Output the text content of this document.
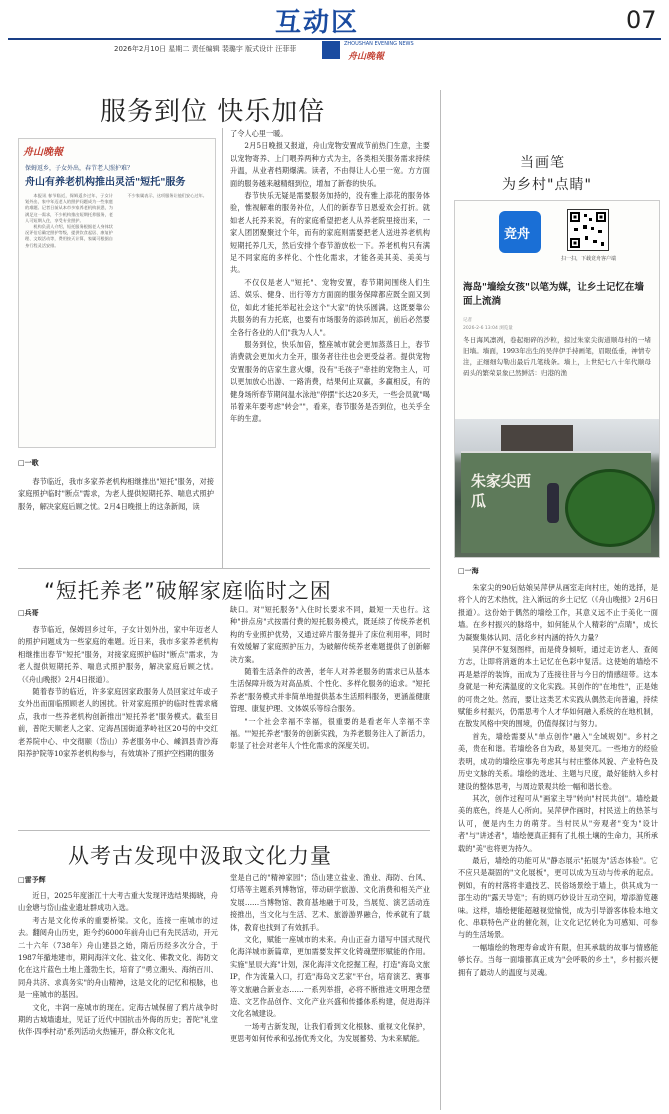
互动区	07
2026年2月10日 星期二 责任编辑 裴璐宇 版式设计 汪菲菲
ZHOUSHAN EVENING NEWS
舟山晚報
服务到位 快乐加倍
舟山晚報
保姆返乡，子女外出，春节老人照护难？
舟山有养老机构推出灵活"短托"服务

本报讯 春节临近，保姆返乡过年，子女计划外出，家中年迈老人的照护问题成为一些家庭的难题。记者日前从本市多家养老机构获悉，为满足这一需求，不少机构推出短期托养服务，老人可短期入住，享受专业照护。

机构负责人介绍，短托服务根据老人身体状况评估后确定照护等级，提供饮食起居、康复护理、文娱活动等，费用按天计算，家属可根据自身行程灵活安排。

不少家属表示，这项服务让他们安心过年。

□一歌

春节临近，我市多家养老机构相继推出"短托"服务，对接家庭照护临时"断点"需求，为老人提供短期托养、喘息式照护服务，解决家庭后顾之忧。2月4日晚报上的这条新闻，读

了令人心里一暖。

2月5日晚报又报道，舟山宠物安置成节前热门生意，主要以宠物寄养、上门喂养两种方式为主，各类相关服务需求持续升温，从业者档期爆满。读者，不由得让人心里一宽。方方面面的服务越来越精细到位，增加了新春的快乐。

春节快乐无疑是需要服务加持的，没有雅上添花的服务体验，惟视解难的服务补位，人们的新春节日恩爱欢会打折。就如老人托养来说，有的家庭希望把老人从养老院里接出来，一家人团团聚聚过个年，而有的家庭则需要把老人送进养老机构短期托养几天，然后安排个春节游放松一下。养老机构只有满足不同家庭的多样化、个性化需求，才能各美其美、美美与共。

不仅仅是老人"短托"、宠物安置，春节期间围绕人们生活、娱乐、健身、出行等方方面面的服务保障都应既全面又到位，如此才能托举起社会这个"大家"的快乐圆满。这既要靠公共服务的有力托底，也要有市场服务的添砖加瓦，前后必然要全各行各业的人们"我为人人"。

服务到位，快乐加倍，整座城市就会更加蒸蒸日上，春节消费就会更加火力全开，服务者往往也会更受益者。提供宠物安置服务的店家生意火爆，没有"毛孩子"牵挂的宠物主人，可以更加放心出游、一路消费，结果何止双赢，多赢相反，有的健身场所春节期间温水泳池"停摆"长达20多天，一些会员就"喝吊着来年要考虑"转会""，看来，春节服务是否到位，也关乎全年的生意。

“短托养老”破解家庭临时之困
□兵哥

春节临近，保姆回乡过年，子女计划外出，家中年迈老人的照护问题成为一些家庭的难题。近日来，我市多家养老机构相继推出春节"短托"服务，对接家庭照护临时"断点"需求，为老人提供短期托养、喘息式照护服务，解决家庭后顾之忧。（《舟山晚报》2月4日报道）。

随着春节的临近，许多家庭因家政服务人员回家过年或子女外出而面临照顾老人的困扰。针对家庭照护的临时性需求痛点，我市一些养老机构创新推出"短托养老"服务模式。截至目前，普陀天顺老人之家、定海昌国街道茅岭社区20号的中交红老养院中心、中交彻颐（岱山）养老服务中心、嵊泗县青沙海阳养护院等10家养老机构参与，有效填补了照护空档期的服务

缺口。对"短托服务"入住时长要求不同，最短一天也行。这种"拼点房"式按需付费的短托服务模式，既延续了传统养老机构的专业照护优势，又通过碎片服务提升了床位利用率，同时有效缓解了家庭照护压力，为破解传统养老难题提供了创新解决方案。

随着生活条件的改善，老年人对养老服务的需求已从基本生活保障升级为对高品质、个性化、多样化服务的追求。"短托养老"服务模式并非简单地提供基本生活照料服务，更涵盖健康管理、康复护理、文体娱乐等综合服务。

"一个社会幸福不幸福，很重要的是看老年人幸福不幸福。""短托养老"服务的创新实践，为养老服务注入了新活力，彰显了社会对老年人个性化需求的深度关切。

从考古发现中汲取文化力量
□雷予辉

近日，2025年度浙江十大考古重大发现评选结果揭晓，舟山金塘与岱山盐业遗址群成功入选。

考古是文化传承的重要桥梁。文化，连接一座城市的过去。翻阅舟山历史，距今约6000年前舟山已有先民活动，开元二十六年（738年）舟山建县之始，隋后历经多次分合，于1987年撤地建市，期间海洋文化、盐文化、佛教文化、海防文化在这片蓝色土地上蓬勃生长，培育了"勇立潮头、海纳百川、同舟共济、求真务实"的舟山精神，这是文化的记忆和根脉，也是一座城市的基因。

文化，丰润一座城市的现在。定海古城保留了鸦片战争时期的古城墙遗址，见证了近代中国抗击外侮的历史；普陀"礼堂伙伴·四季村动"系列活动火热铺开，群众称文化礼

堂是自己的"精神家园"；岱山建立盐业、渔业、海防、台风、灯塔等主题系列博物馆，带动研学旅游、文化消费和相关产业发展……当博物馆、教育基地融于可及，当展览、演艺活动连接推出，当文化与生活、艺术、旅游游界融合，传承就有了载体，教育也找到了有效抓手。

文化，赋能一座城市的未来。舟山正奋力谱写中国式现代化海洋城市新篇章，更加需要发挥文化铸魂塑形赋能的作用。实施"星辰大海"计划，深化海洋文化挖掘工程，打造"海岛文旅IP，作为流量入口，打造"海岛文艺家"平台，培育演艺、赛事等文旅融合新业态……一系列举措，必将不断推进文明理念塑造、文艺作品创作、文化产业兴盛和传播体系构建，促进海洋文化名城建设。

一场考古新发现，让我们看到文化根脉、重视文化保护，更思考如何传承和弘扬优秀文化，为发展蓄势、为未来赋能。

当画笔
为乡村"点睛"
竞舟
扫一扫，下载竞舟客户端
海岛"墙绘女孩"以笔为媒，让乡土记忆在墙面上流淌
记者
2026-2-6 13:04 浏览量
冬日海风凛冽，卷起细碎的沙粒，掠过朱家尖街道顺母村的一堵旧墙。墙面，1993年出生的吴萍伊手持画笔，眉眼低垂，神情专注，正细细勾勒出最后几笔线条。墙上，上世纪七八十年代顺母码头的繁荣景象已然鲜活：归港的渔
朱家尖西瓜
□一海

朱家尖的90后姑娘吴萍伊从画室走向村庄，她的选择，是将个人的艺术热忱，注入渐远的乡土记忆（《舟山晚报》2月6日报道）。这份始于偶然的墙绘工作，其意义远不止于美化一面墙。在乡村振兴的脉络中，如何能从个人精彩的"点睛"，成长为凝聚集体认同、活化乡村内涵的持久力量？

吴萍伊不复刻图样，而是倚身倾听，通过走访老人、查阅方志，让即将消逝的本土记忆在色彩中复活。这使她的墙绘不再是悬浮的装饰，而成为了连接往昔与今日的情感纽带。这本身就是一种充满温度的文化实践。其创作的"在地性"，正是她的可贵之处。然而，要让这类艺术实践从偶然走向普遍，持续赋能乡村振兴，仍需思考个人才华如何融入系统的在地机制，在散发风格中突的围境，仍值得探讨与努力。

首先，墙绘需要从"单点创作"融入"全域规划"。乡村之美，贵在和谐。若墙绘各自为政，易显突兀。一些地方的经验表明，成功的墙绘应事先考虑其与村庄整体风貌、产业特色及历史文脉的关系。墙绘的选址、主题与尺度，最好能纳入乡村建设的整体思考，与周边景观共绘一幅和谐长卷。

其次，创作过程可从"画家主导"转向"村民共创"。墙绘最美的底色，终是人心所向。吴萍伊作画时，村民送上的热茶与认可，便是内生力的萌芽。当村民从"旁观者"变为"设计者"与"讲述者"，墙绘便真正拥有了扎根土壤的生命力，其所承载的"美"也将更为持久。

最后，墙绘的功能可从"静态展示"拓展为"活态体验"。它不应只是凝固的"文化展板"，更可以成为互动与传承的起点。例如，有的村落将非遗技艺、民俗场景绘于墙上，供其成为一部生动的"露天导览"；有的则巧妙设计互动空间，增添游览趣味。这样，墙绘便能超越视觉愉悦，成为引导游客体验本地文化、串联特色产业的催化剂，让文化记忆转化为可感知、可参与的生活场景。

一幅墙绘的物理寿命或许有限，但其承载的故事与情感能够长存。当每一面墙都真正成为"会呼吸的乡土"，乡村振兴便拥有了最动人的温度与灵魂。
